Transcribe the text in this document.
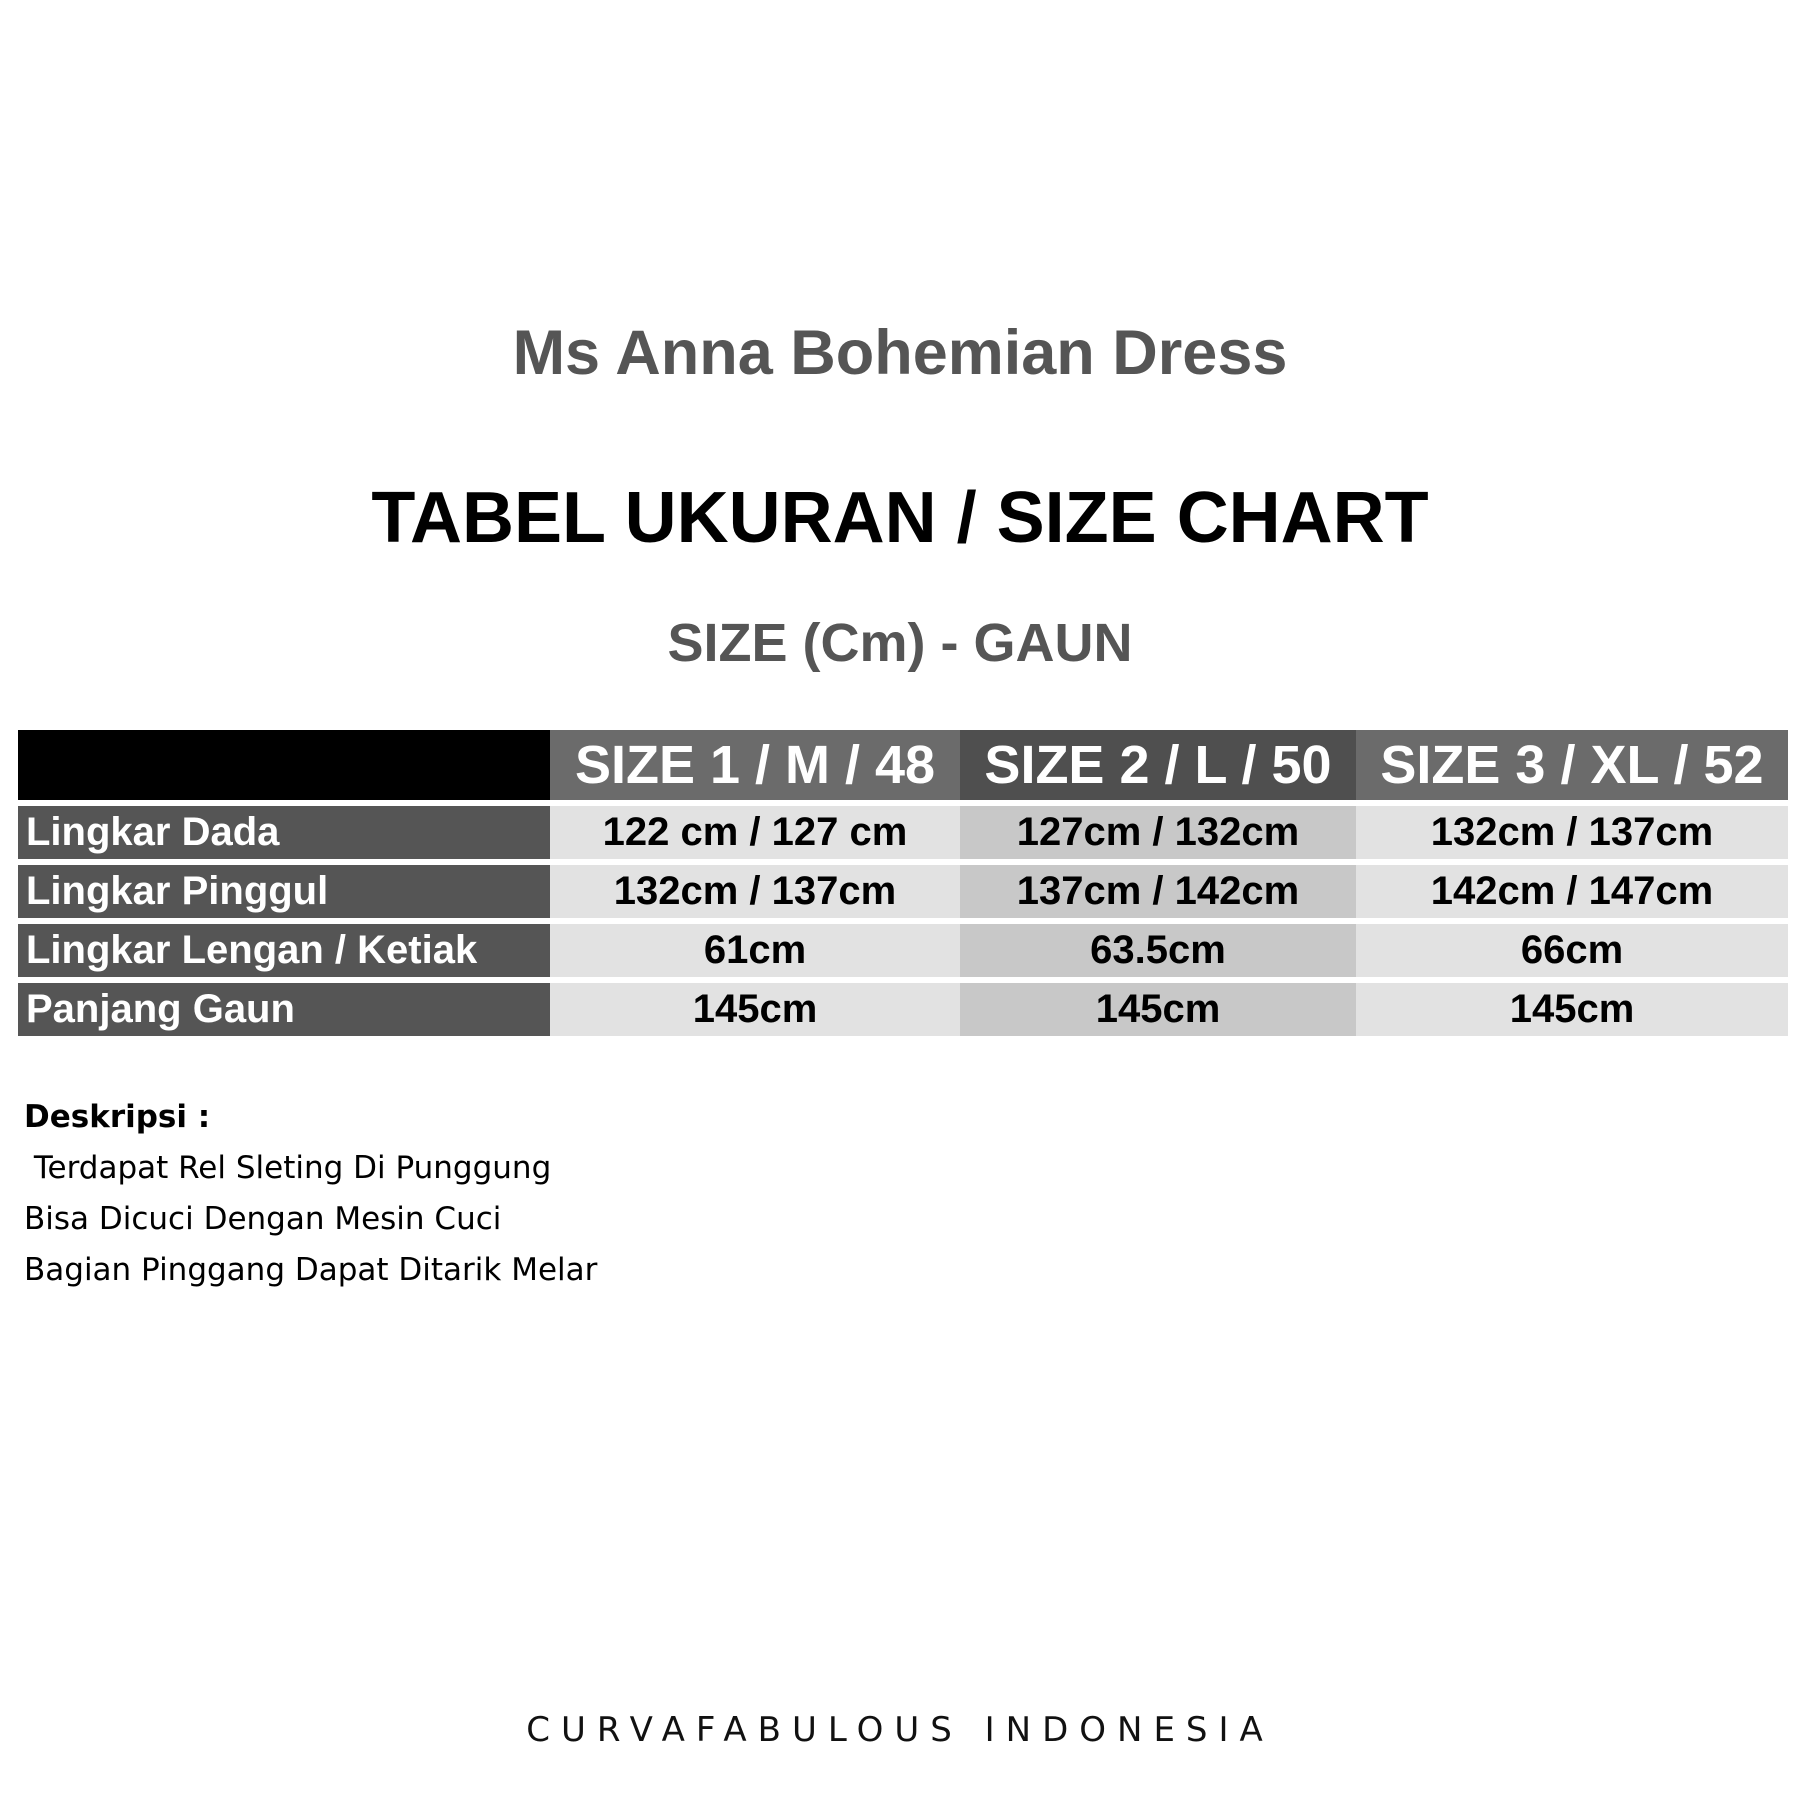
Ms Anna Bohemian Dress
TABEL UKURAN / SIZE CHART
SIZE (Cm) - GAUN
	SIZE 1 / M / 48	SIZE 2 / L / 50	SIZE 3 / XL / 52

Lingkar Dada	122 cm / 127 cm	127cm / 132cm	132cm / 137cm

Lingkar Pinggul	132cm / 137cm	137cm / 142cm	142cm / 147cm

Lingkar Lengan / Ketiak	61cm	63.5cm	66cm

Panjang Gaun	145cm	145cm	145cm
Deskripsi :
Terdapat Rel Sleting Di Punggung
Bisa Dicuci Dengan Mesin Cuci
Bagian Pinggang Dapat Ditarik Melar
CURVAFABULOUS INDONESIA
